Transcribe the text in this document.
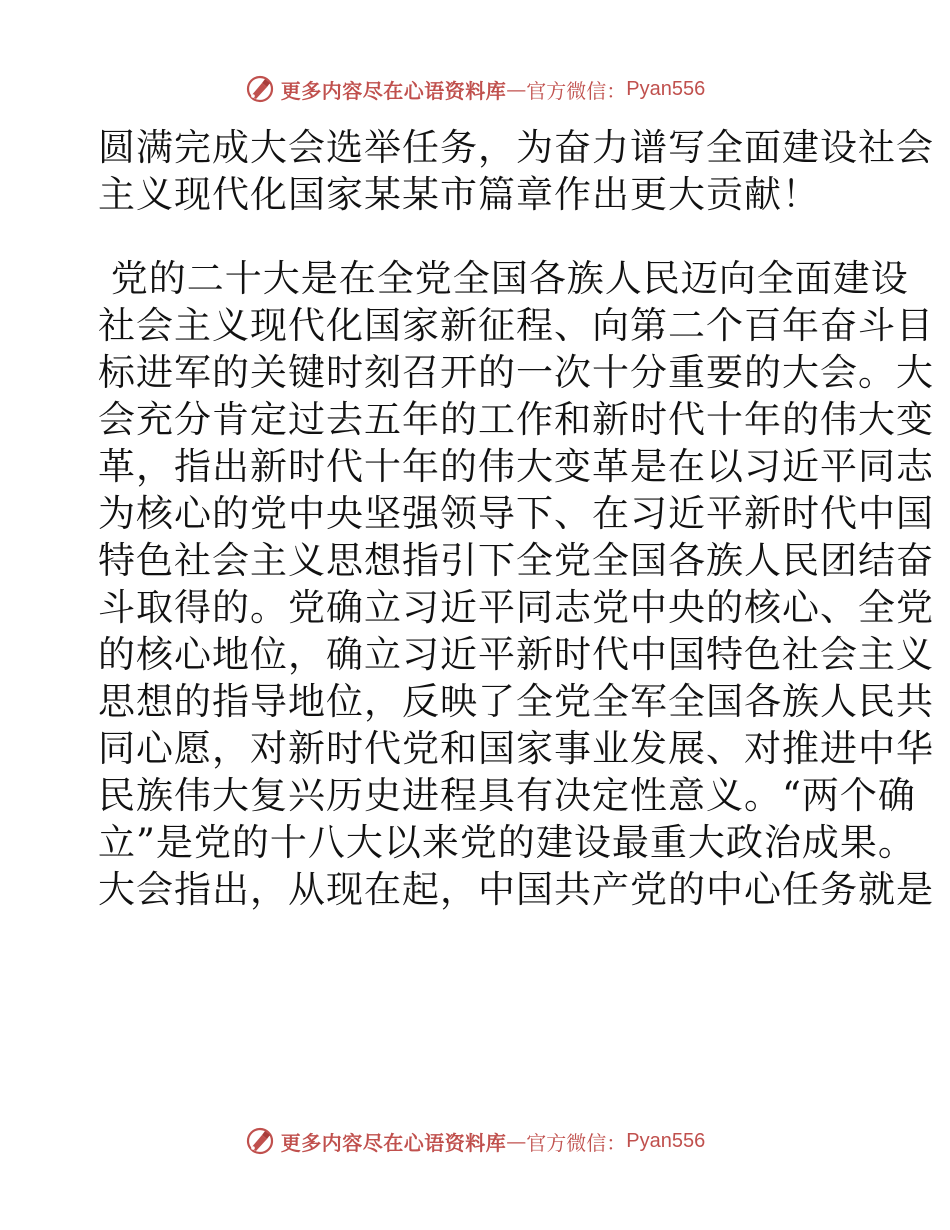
更多内容尽在心语资料库 — 官方微信： Pyan556
圆满完成大会选举任务，为奋力谱写全面建设社会
主义现代化国家某某市篇章作出更大贡献！
党的二十大是在全党全国各族人民迈向全面建设
社会主义现代化国家新征程、向第二个百年奋斗目
标进军的关键时刻召开的一次十分重要的大会。大
会充分肯定过去五年的工作和新时代十年的伟大变
革，指出新时代十年的伟大变革是在以习近平同志
为核心的党中央坚强领导下、在习近平新时代中国
特色社会主义思想指引下全党全国各族人民团结奋
斗取得的。党确立习近平同志党中央的核心、全党
的核心地位，确立习近平新时代中国特色社会主义
思想的指导地位，反映了全党全军全国各族人民共
同心愿，对新时代党和国家事业发展、对推进中华
民族伟大复兴历史进程具有决定性意义。“两个确
立”是党的十八大以来党的建设最重大政治成果。
大会指出，从现在起，中国共产党的中心任务就是
更多内容尽在心语资料库 — 官方微信： Pyan556
